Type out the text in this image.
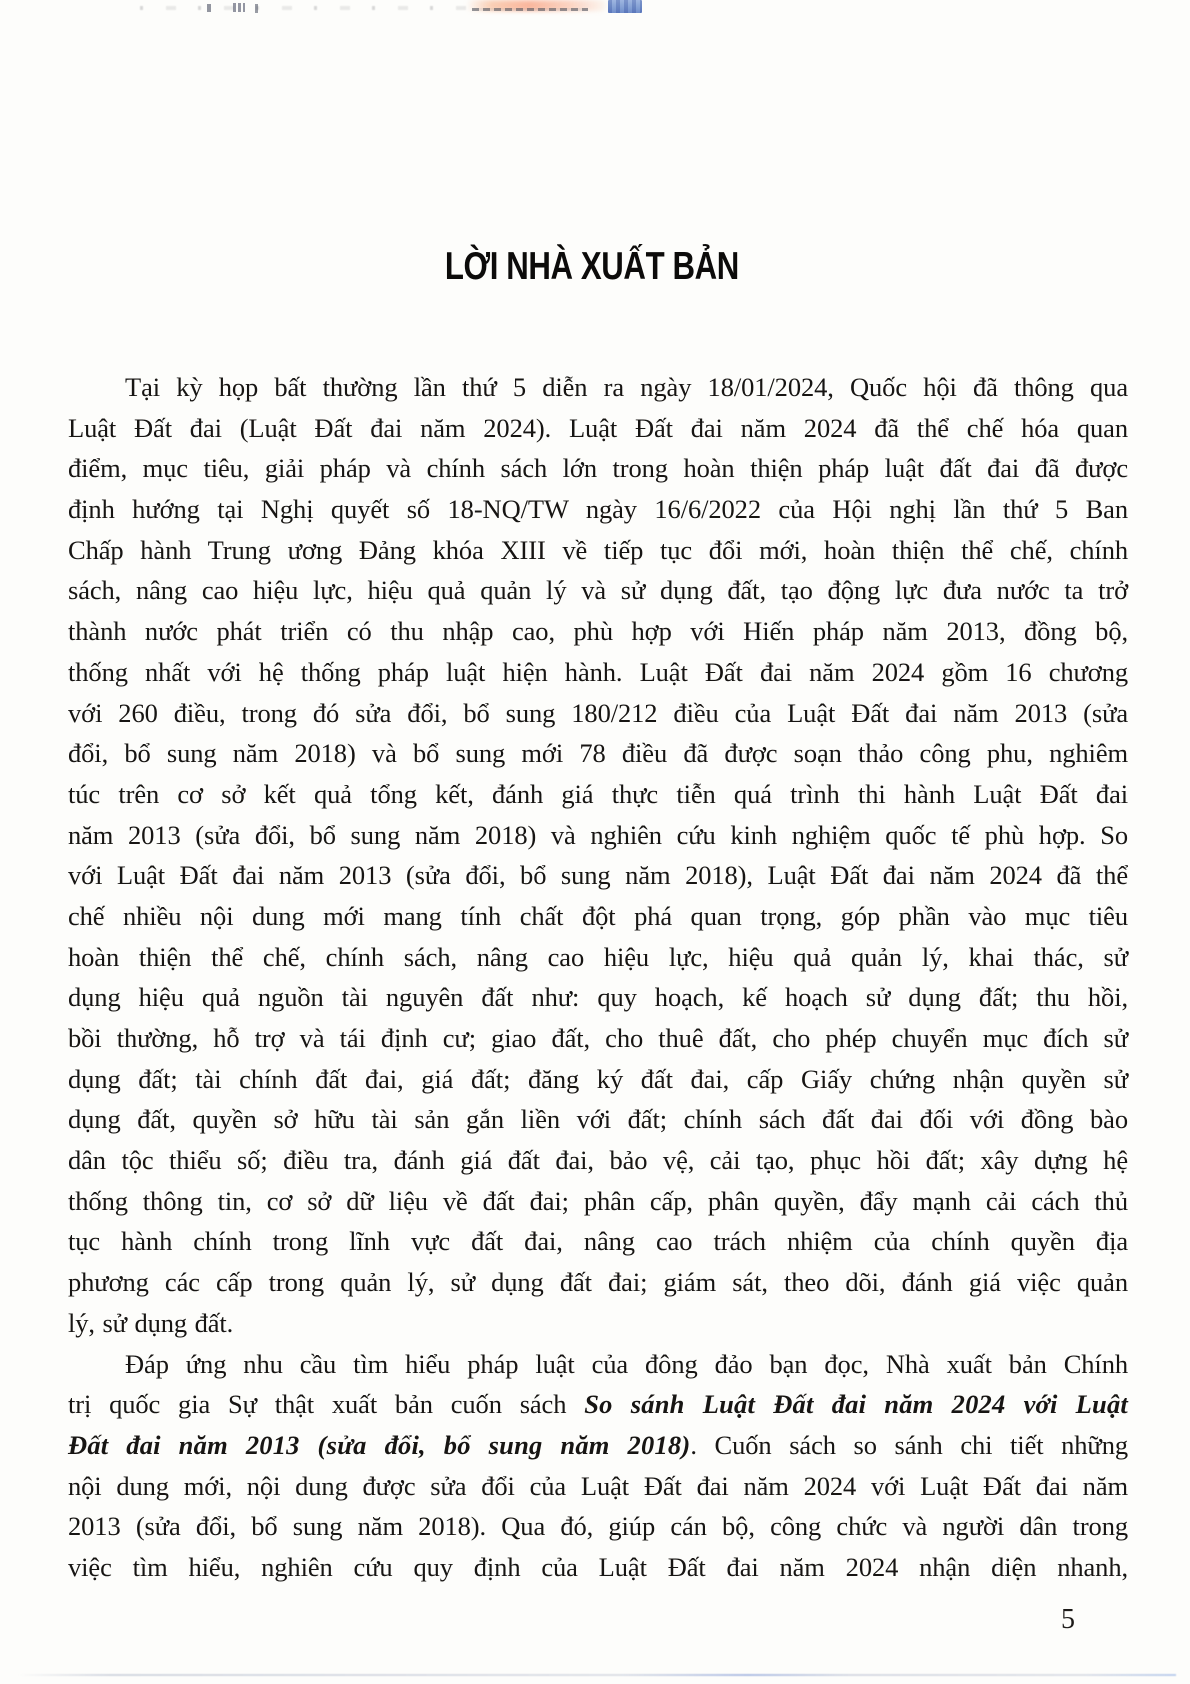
LỜI NHÀ XUẤT BẢN
Tại kỳ họp bất thường lần thứ 5 diễn ra ngày 18/01/2024, Quốc hội đã thông qua
Luật Đất đai (Luật Đất đai năm 2024). Luật Đất đai năm 2024 đã thể chế hóa quan
điểm, mục tiêu, giải pháp và chính sách lớn trong hoàn thiện pháp luật đất đai đã được
định hướng tại Nghị quyết số 18-NQ/TW ngày 16/6/2022 của Hội nghị lần thứ 5 Ban
Chấp hành Trung ương Đảng khóa XIII về tiếp tục đổi mới, hoàn thiện thể chế, chính
sách, nâng cao hiệu lực, hiệu quả quản lý và sử dụng đất, tạo động lực đưa nước ta trở
thành nước phát triển có thu nhập cao, phù hợp với Hiến pháp năm 2013, đồng bộ,
thống nhất với hệ thống pháp luật hiện hành. Luật Đất đai năm 2024 gồm 16 chương
với 260 điều, trong đó sửa đổi, bổ sung 180/212 điều của Luật Đất đai năm 2013 (sửa
đổi, bổ sung năm 2018) và bổ sung mới 78 điều đã được soạn thảo công phu, nghiêm
túc trên cơ sở kết quả tổng kết, đánh giá thực tiễn quá trình thi hành Luật Đất đai
năm 2013 (sửa đổi, bổ sung năm 2018) và nghiên cứu kinh nghiệm quốc tế phù hợp. So
với Luật Đất đai năm 2013 (sửa đổi, bổ sung năm 2018), Luật Đất đai năm 2024 đã thể
chế nhiều nội dung mới mang tính chất đột phá quan trọng, góp phần vào mục tiêu
hoàn thiện thể chế, chính sách, nâng cao hiệu lực, hiệu quả quản lý, khai thác, sử
dụng hiệu quả nguồn tài nguyên đất như: quy hoạch, kế hoạch sử dụng đất; thu hồi,
bồi thường, hỗ trợ và tái định cư; giao đất, cho thuê đất, cho phép chuyển mục đích sử
dụng đất; tài chính đất đai, giá đất; đăng ký đất đai, cấp Giấy chứng nhận quyền sử
dụng đất, quyền sở hữu tài sản gắn liền với đất; chính sách đất đai đối với đồng bào
dân tộc thiểu số; điều tra, đánh giá đất đai, bảo vệ, cải tạo, phục hồi đất; xây dựng hệ
thống thông tin, cơ sở dữ liệu về đất đai; phân cấp, phân quyền, đẩy mạnh cải cách thủ
tục hành chính trong lĩnh vực đất đai, nâng cao trách nhiệm của chính quyền địa
phương các cấp trong quản lý, sử dụng đất đai; giám sát, theo dõi, đánh giá việc quản
lý, sử dụng đất.
Đáp ứng nhu cầu tìm hiểu pháp luật của đông đảo bạn đọc, Nhà xuất bản Chính
trị quốc gia Sự thật xuất bản cuốn sách So sánh Luật Đất đai năm 2024 với Luật
Đất đai năm 2013 (sửa đổi, bổ sung năm 2018). Cuốn sách so sánh chi tiết những
nội dung mới, nội dung được sửa đổi của Luật Đất đai năm 2024 với Luật Đất đai năm
2013 (sửa đổi, bổ sung năm 2018). Qua đó, giúp cán bộ, công chức và người dân trong
việc tìm hiểu, nghiên cứu quy định của Luật Đất đai năm 2024 nhận diện nhanh,
5
